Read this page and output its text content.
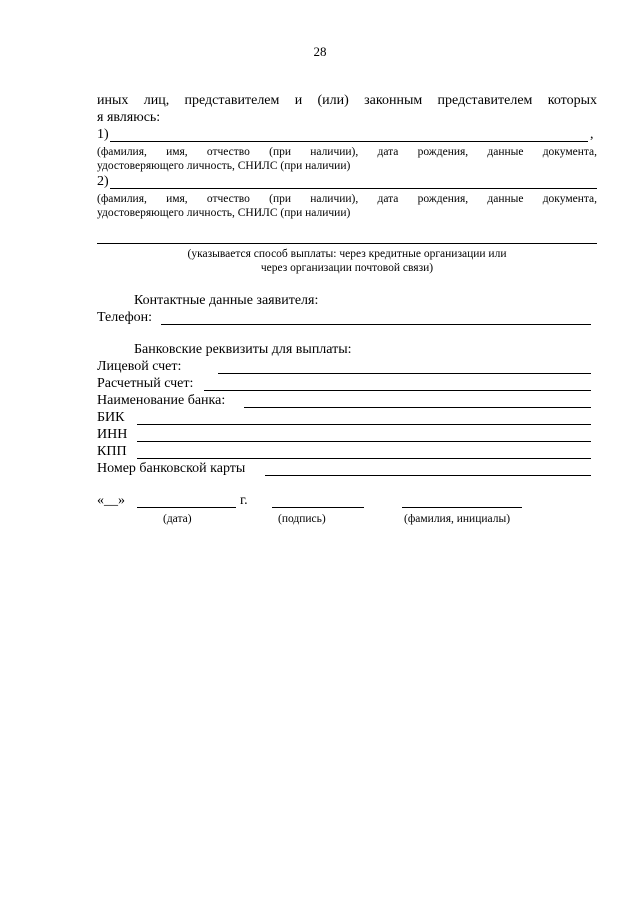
28
иных лиц, представителем и (или) законным представителем которых
я являюсь:
1)	,
(фамилия, имя, отчество (при наличии), дата рождения, данные документа,
удостоверяющего личность, СНИЛС (при наличии)
2)
(фамилия, имя, отчество (при наличии), дата рождения, данные документа,
удостоверяющего личность, СНИЛС (при наличии)
(указывается способ выплаты: через кредитные организации или
через организации почтовой связи)
Контактные данные заявителя:
Телефон:
Банковские реквизиты для выплаты:
Лицевой счет:
Расчетный счет:
Наименование банка:
БИК
ИНН
КПП
Номер банковской карты
«__»	г.
(дата)	(подпись)	(фамилия, инициалы)
